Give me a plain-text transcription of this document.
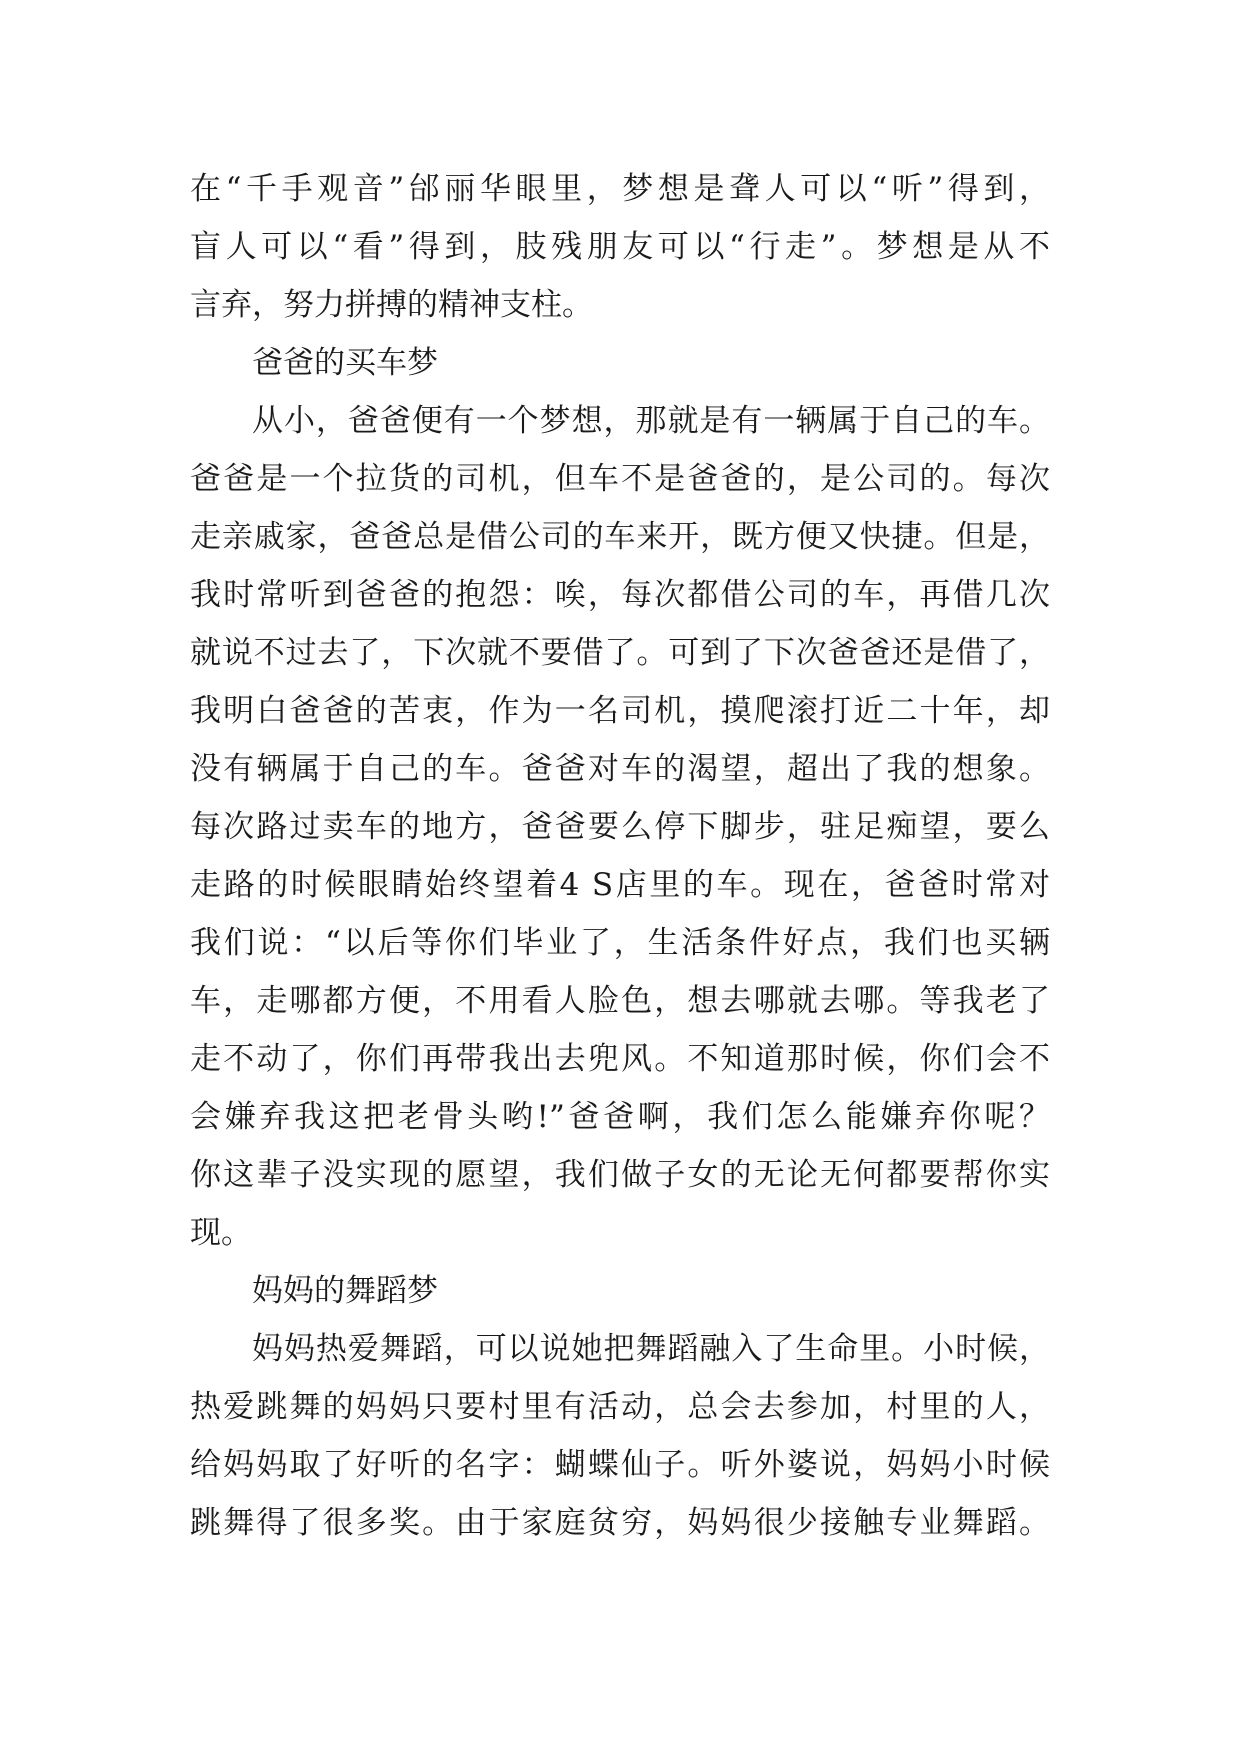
在“千手观音”邰丽华眼里，梦想是聋人可以“听”得到，
盲人可以“看”得到，肢残朋友可以“行走”。梦想是从不
言弃，努力拼搏的精神支柱。
爸爸的买车梦
从小，爸爸便有一个梦想，那就是有一辆属于自己的车。
爸爸是一个拉货的司机，但车不是爸爸的，是公司的。每次
走亲戚家，爸爸总是借公司的车来开，既方便又快捷。但是，
我时常听到爸爸的抱怨：唉，每次都借公司的车，再借几次
就说不过去了，下次就不要借了。可到了下次爸爸还是借了，
我明白爸爸的苦衷，作为一名司机，摸爬滚打近二十年，却
没有辆属于自己的车。爸爸对车的渴望，超出了我的想象。
每次路过卖车的地方，爸爸要么停下脚步，驻足痴望，要么
走路的时候眼睛始终望着4 S店里的车。现在，爸爸时常对
我们说：“以后等你们毕业了，生活条件好点，我们也买辆
车，走哪都方便，不用看人脸色，想去哪就去哪。等我老了
走不动了，你们再带我出去兜风。不知道那时候，你们会不
会嫌弃我这把老骨头哟!”爸爸啊，我们怎么能嫌弃你呢？
你这辈子没实现的愿望，我们做子女的无论无何都要帮你实
现。
妈妈的舞蹈梦
妈妈热爱舞蹈，可以说她把舞蹈融入了生命里。小时候，
热爱跳舞的妈妈只要村里有活动，总会去参加，村里的人，
给妈妈取了好听的名字：蝴蝶仙子。听外婆说，妈妈小时候
跳舞得了很多奖。由于家庭贫穷，妈妈很少接触专业舞蹈。
